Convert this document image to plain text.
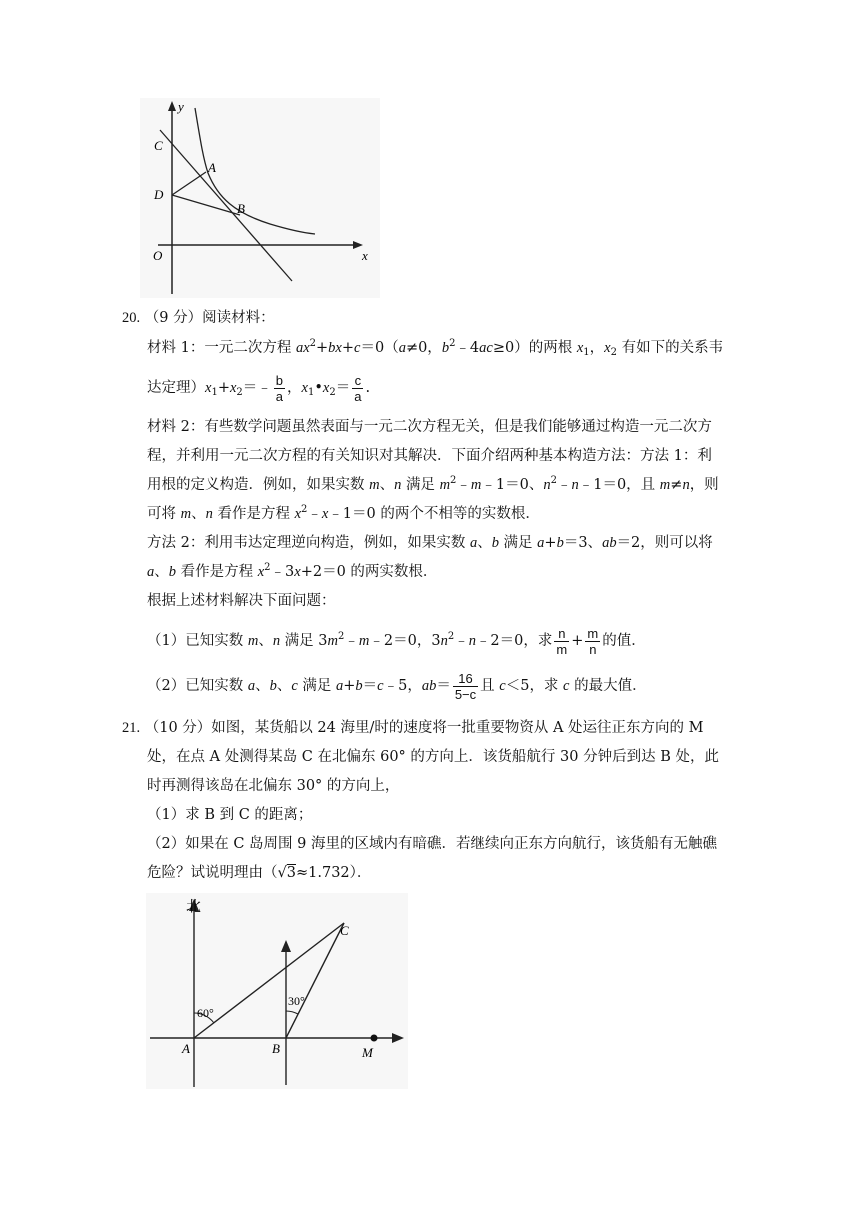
y
x
C
A
D
B
O
20. （9 分）阅读材料：
材料 1：一元二次方程 $ax^2+bx+c=0(a\ne 0$，$b^2﹣4ac\ge 0$）的两根 $x_1$，$x_2$ 有如下的关系韦
达定理）$x_1+x_2=﹣ \frac{b}{a}$ ，$x_1•x_2= \frac{c}{a}$ .
材料 2：有些数学问题虽然表面与一元二次方程无关，但是我们能够通过构造一元二次方
程，并利用一元二次方程的有关知识对其解决．下面介绍两种基本构造方法：方法 1：利
用根的定义构造．例如，如果实数 m、n 满足 $m^2﹣m﹣1=0$、$n^2﹣n﹣1=0$，且 m≠n，则
可将 m、n 看作是方程 $x^2﹣x﹣1=0$ 的两个不相等的实数根．
方法 2：利用韦达定理逆向构造，例如，如果实数 a、b 满足 a+b＝3、ab＝2，则可以将
a、b 看作是方程 $x^2﹣3x+2=0$ 的两实数根．
根据上述材料解决下面问题：
（1）已知实数 m、n 满足 $3m^2﹣m﹣2=0$，$3n^2﹣n﹣2=0$，求 $\frac{n}{m} + \frac{m}{n}$ 的值．
（2）已知实数 a、b、c 满足 a+b＝c﹣5，$ab= \frac{16}{5-c}$ 且 c＜5，求 c 的最大值．
21. （10 分）如图，某货船以 24 海里/时的速度将一批重要物资从 A 处运往正东方向的 M
处，在点 A 处测得某岛 C 在北偏东 60° 的方向上．该货船航行 30 分钟后到达 B 处，此
时再测得该岛在北偏东 30° 的方向上，
（1）求 B 到 C 的距离；
（2）如果在 C 岛周围 9 海里的区域内有暗礁．若继续向正东方向航行，该货船有无触礁
危险？试说明理由（√3≈1.732）．
北
60°
30°
A	B
C
M
